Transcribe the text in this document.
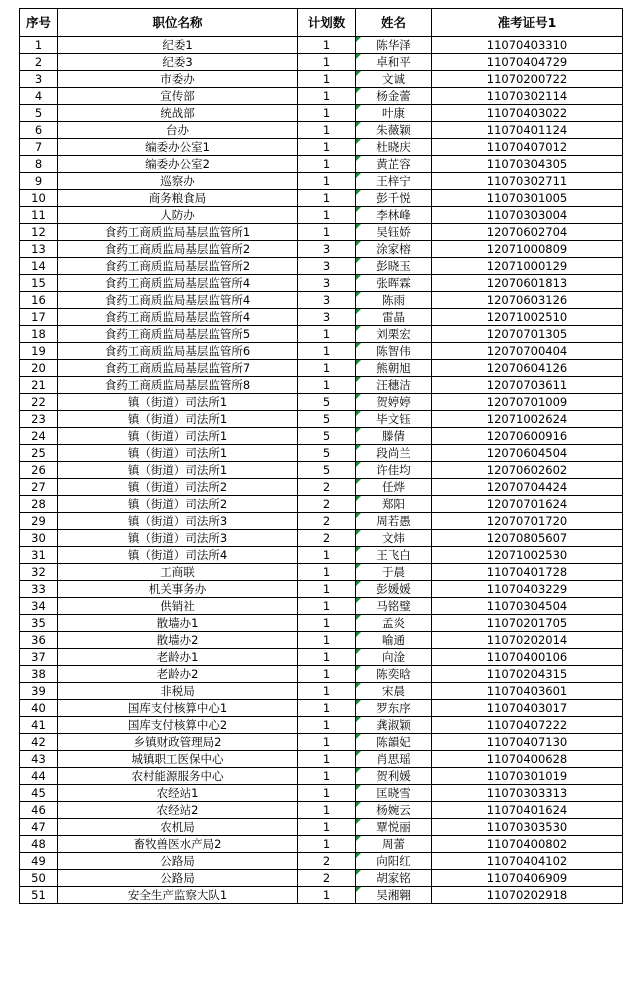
序号	职位名称	计划数	姓名	准考证号1
1	纪委1	1	陈华泽	11070403310
2	纪委3	1	卓和平	11070404729
3	市委办	1	文诚	11070200722
4	宣传部	1	杨金蕾	11070302114
5	统战部	1	叶康	11070403022
6	台办	1	朱薇颖	11070401124
7	编委办公室1	1	杜晓庆	11070407012
8	编委办公室2	1	黄芷容	11070304305
9	巡察办	1	王梓宁	11070302711
10	商务粮食局	1	彭千悦	11070301005
11	人防办	1	李林峰	11070303004
12	食药工商质监局基层监管所1	1	吴钰娇	12070602704
13	食药工商质监局基层监管所2	3	涂家榕	12071000809
14	食药工商质监局基层监管所2	3	彭晓玉	12071000129
15	食药工商质监局基层监管所4	3	张晖霖	12070601813
16	食药工商质监局基层监管所4	3	陈雨	12070603126
17	食药工商质监局基层监管所4	3	雷晶	12071002510
18	食药工商质监局基层监管所5	1	刘栗宏	12070701305
19	食药工商质监局基层监管所6	1	陈智伟	12070700404
20	食药工商质监局基层监管所7	1	熊朝旭	12070604126
21	食药工商质监局基层监管所8	1	汪穗洁	12070703611
22	镇（街道）司法所1	5	贺婷婷	12070701009
23	镇（街道）司法所1	5	毕文钰	12071002624
24	镇（街道）司法所1	5	滕倩	12070600916
25	镇（街道）司法所1	5	段尚兰	12070604504
26	镇（街道）司法所1	5	许佳均	12070602602
27	镇（街道）司法所2	2	任烨	12070704424
28	镇（街道）司法所2	2	郑阳	12070701624
29	镇（街道）司法所3	2	周若愚	12070701720
30	镇（街道）司法所3	2	文炜	12070805607
31	镇（街道）司法所4	1	王飞白	12071002530
32	工商联	1	于晨	11070401728
33	机关事务办	1	彭媛媛	11070403229
34	供销社	1	马铭璧	11070304504
35	散墙办1	1	孟炎	11070201705
36	散墙办2	1	喻通	11070202014
37	老龄办1	1	向淦	11070400106
38	老龄办2	1	陈奕晗	11070204315
39	非税局	1	宋晨	11070403601
40	国库支付核算中心1	1	罗东序	11070403017
41	国库支付核算中心2	1	龚淑颖	11070407222
42	乡镇财政管理局2	1	陈韻妃	11070407130
43	城镇职工医保中心	1	肖思瑶	11070400628
44	农村能源服务中心	1	贺利媛	11070301019
45	农经站1	1	匡晓雪	11070303313
46	农经站2	1	杨婉云	11070401624
47	农机局	1	覃悦丽	11070303530
48	畜牧兽医水产局2	1	周蕾	11070400802
49	公路局	2	向阳红	11070404102
50	公路局	2	胡家铭	11070406909
51	安全生产监察大队1	1	吴湘翱	11070202918
